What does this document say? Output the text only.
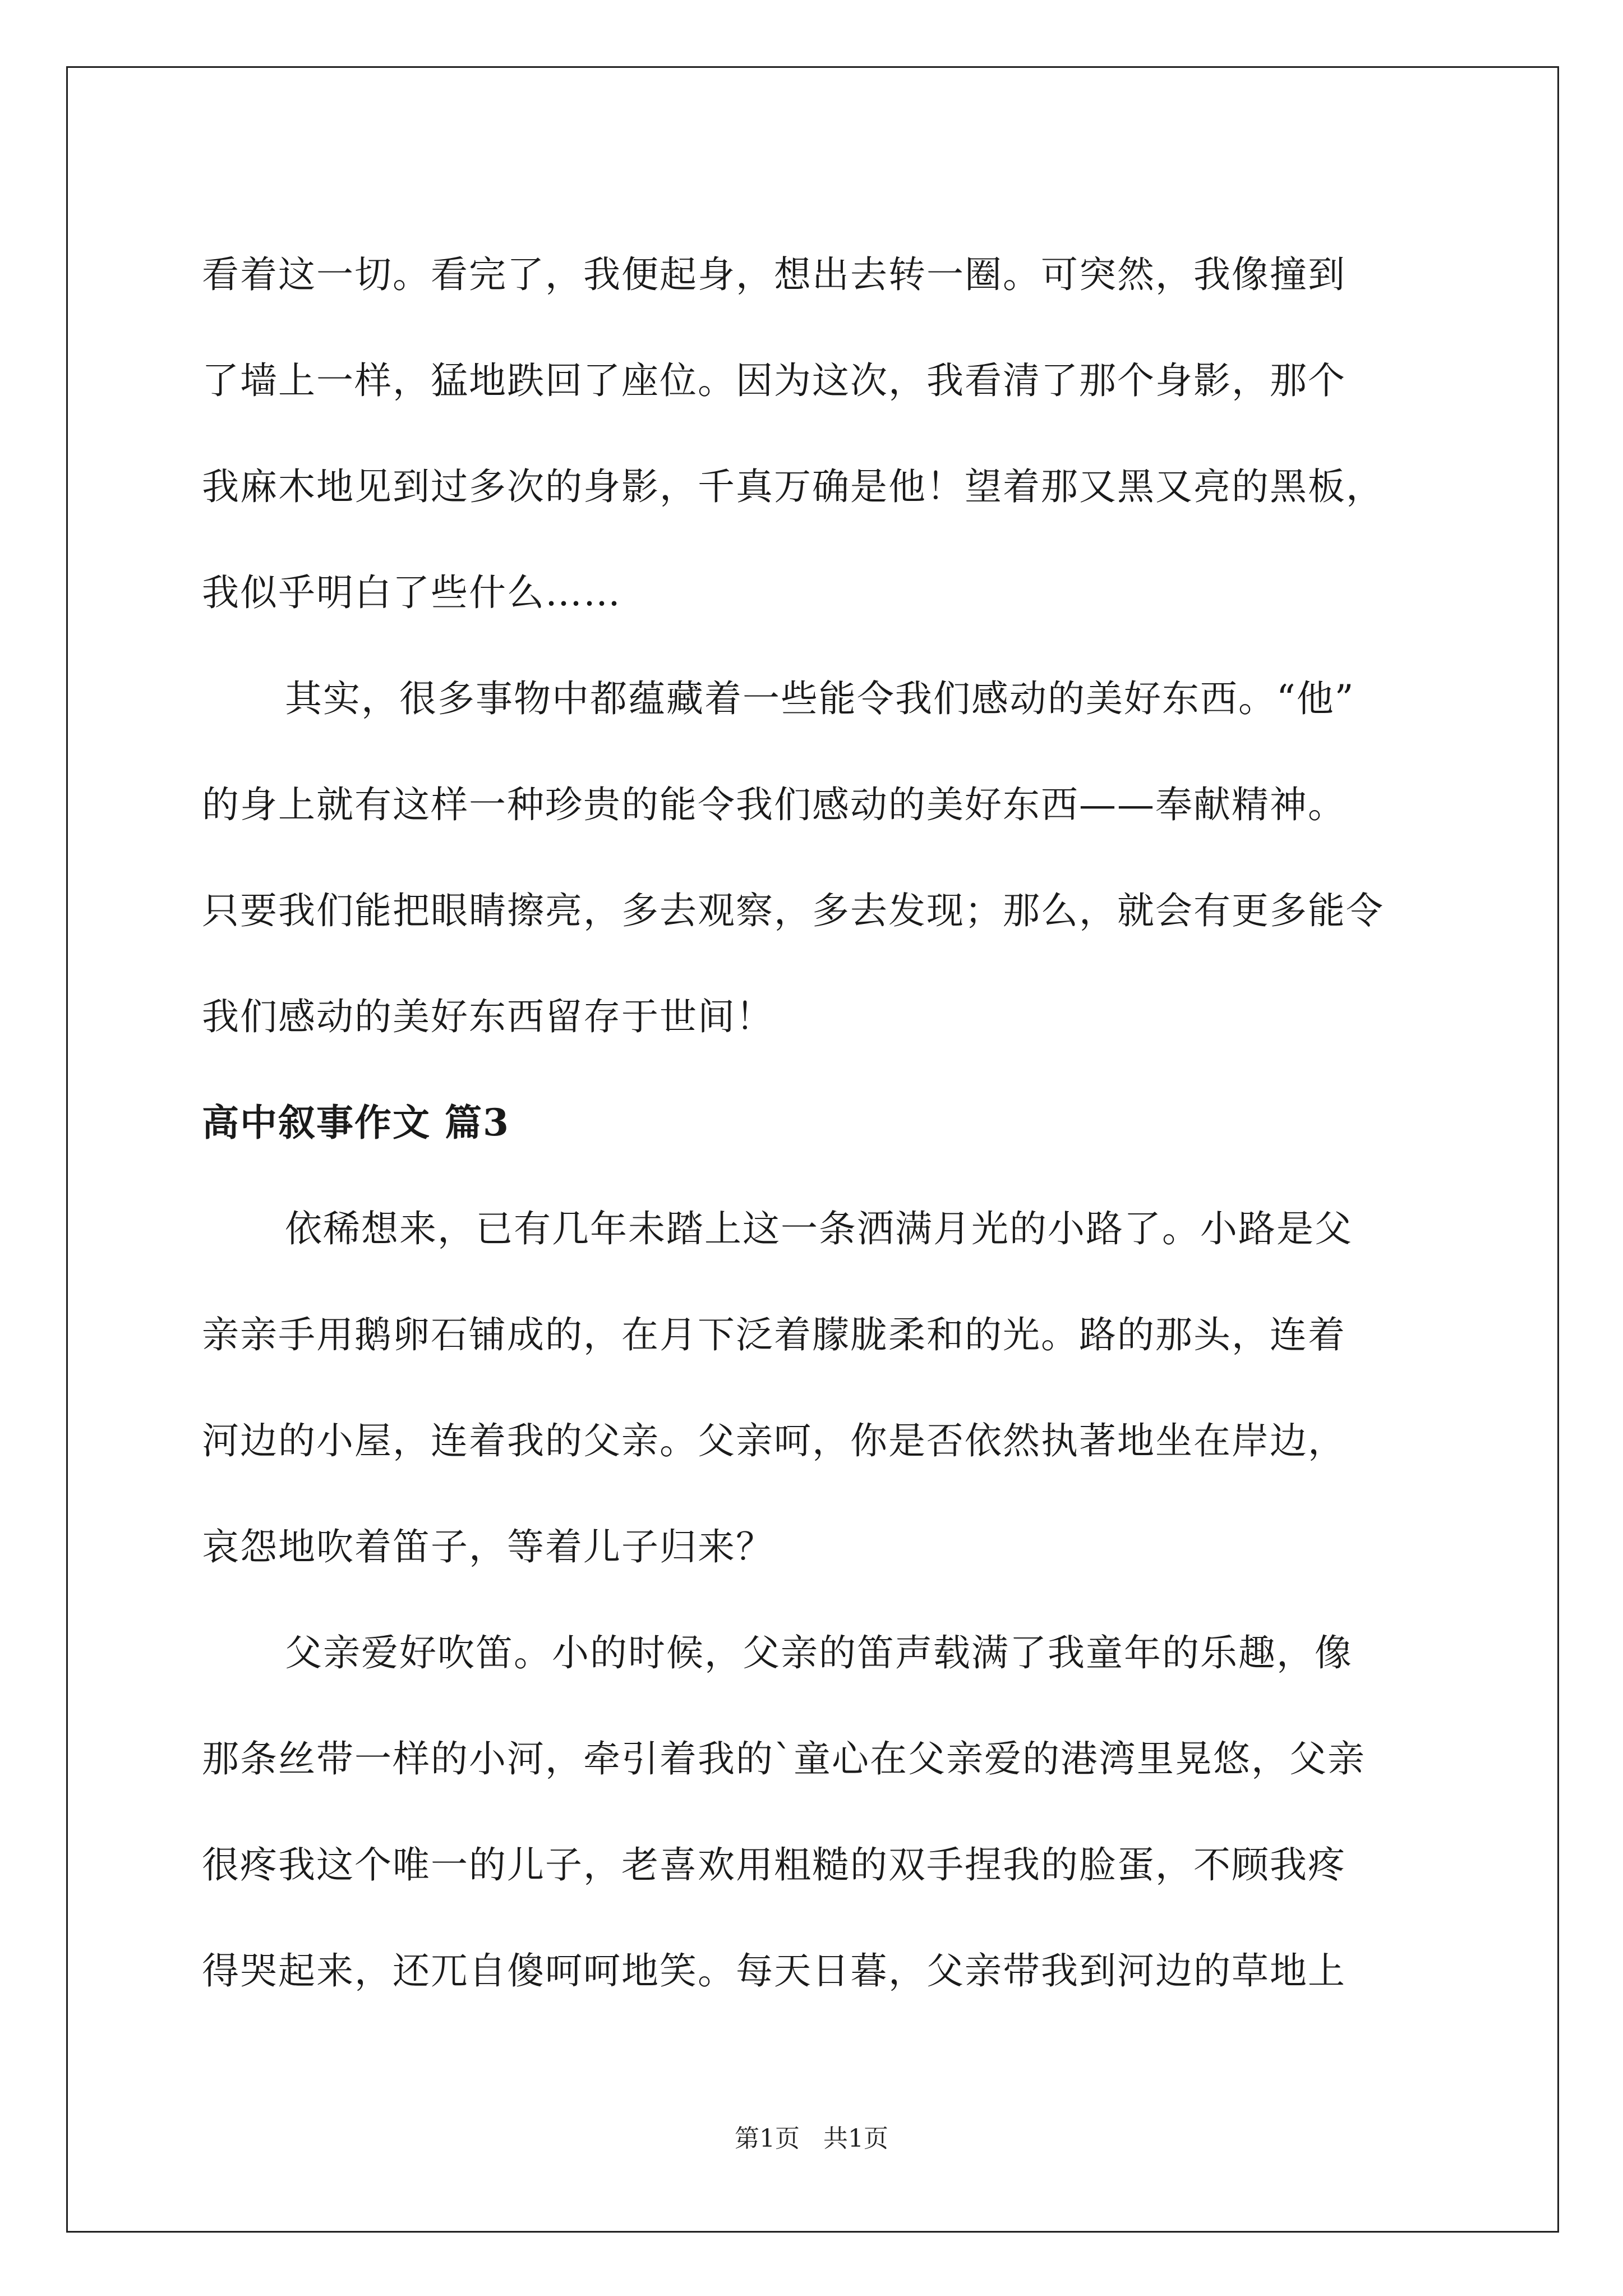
看着这一切。看完了，我便起身，想出去转一圈。可突然，我像撞到
了墙上一样，猛地跌回了座位。因为这次，我看清了那个身影，那个
我麻木地见到过多次的身影，千真万确是他！望着那又黑又亮的黑板，
我似乎明白了些什么……

其实，很多事物中都蕴藏着一些能令我们感动的美好东西。“他”
的身上就有这样一种珍贵的能令我们感动的美好东西——奉献精神。
只要我们能把眼睛擦亮，多去观察，多去发现；那么，就会有更多能令
我们感动的美好东西留存于世间！

高中叙事作文 篇3

依稀想来，已有几年未踏上这一条洒满月光的小路了。小路是父
亲亲手用鹅卵石铺成的，在月下泛着朦胧柔和的光。路的那头，连着
河边的小屋，连着我的父亲。父亲呵，你是否依然执著地坐在岸边，
哀怨地吹着笛子，等着儿子归来？

父亲爱好吹笛。小的时候，父亲的笛声载满了我童年的乐趣，像
那条丝带一样的小河，牵引着我的`童心在父亲爱的港湾里晃悠，父亲
很疼我这个唯一的儿子，老喜欢用粗糙的双手捏我的脸蛋，不顾我疼
得哭起来，还兀自傻呵呵地笑。每天日暮，父亲带我到河边的草地上

第1页 共1页
